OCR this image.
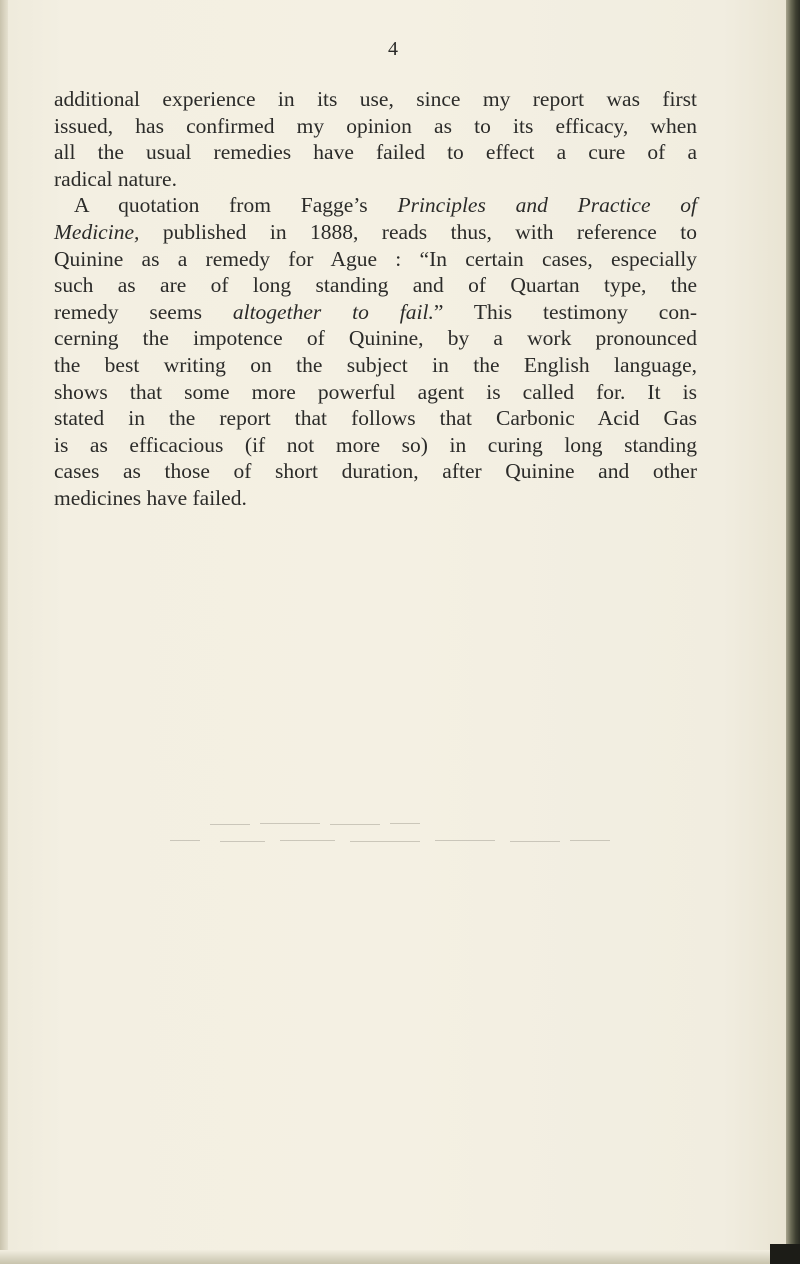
4
additional experience in its use, since my report was first
issued, has confirmed my opinion as to its efficacy, when
all the usual remedies have failed to effect a cure of a
radical nature.
A quotation from Fagge’s Principles and Practice of
Medicine, published in 1888, reads thus, with reference to
Quinine as a remedy for Ague : “In certain cases, especially
such as are of long standing and of Quartan type, the
remedy seems altogether to fail.” This testimony con-
cerning the impotence of Quinine, by a work pronounced
the best writing on the subject in the English language,
shows that some more powerful agent is called for. It is
stated in the report that follows that Carbonic Acid Gas
is as efficacious (if not more so) in curing long standing
cases as those of short duration, after Quinine and other
medicines have failed.
